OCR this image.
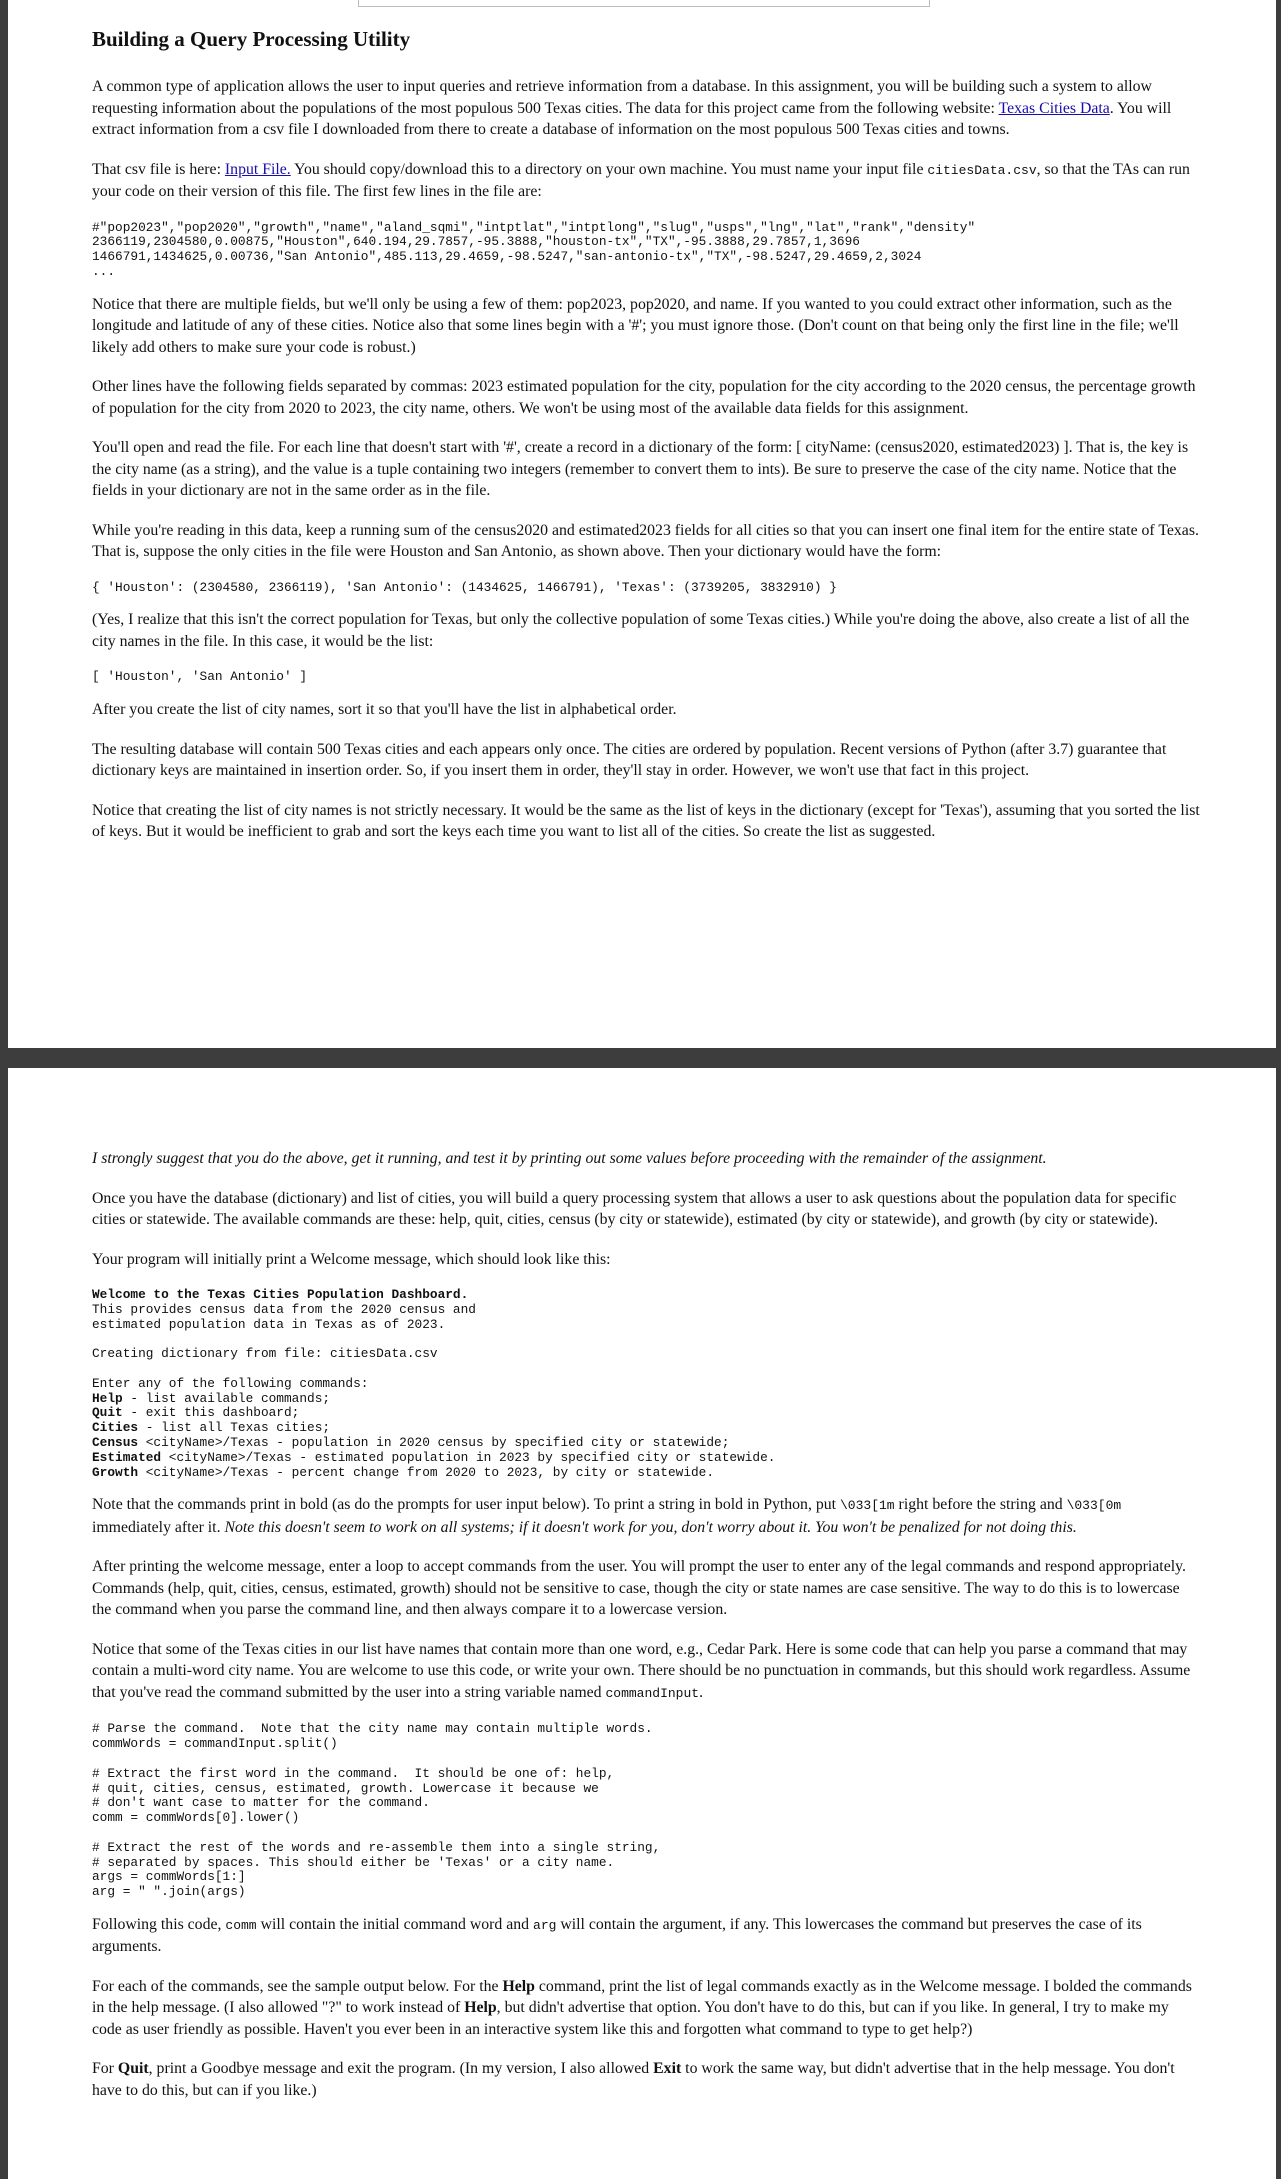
Building a Query Processing Utility

A common type of application allows the user to input queries and retrieve information from a database. In this assignment, you will be building such a system to allow requesting information about the populations of the most populous 500 Texas cities. The data for this project came from the following website: Texas Cities Data. You will extract information from a csv file I downloaded from there to create a database of information on the most populous 500 Texas cities and towns.

That csv file is here: Input File. You should copy/download this to a directory on your own machine. You must name your input file citiesData.csv, so that the TAs can run your code on their version of this file. The first few lines in the file are:

#"pop2023","pop2020","growth","name","aland_sqmi","intptlat","intptlong","slug","usps","lng","lat","rank","density"
2366119,2304580,0.00875,"Houston",640.194,29.7857,-95.3888,"houston-tx","TX",-95.3888,29.7857,1,3696
1466791,1434625,0.00736,"San Antonio",485.113,29.4659,-98.5247,"san-antonio-tx","TX",-98.5247,29.4659,2,3024
...

Notice that there are multiple fields, but we'll only be using a few of them: pop2023, pop2020, and name. If you wanted to you could extract other information, such as the longitude and latitude of any of these cities. Notice also that some lines begin with a '#'; you must ignore those. (Don't count on that being only the first line in the file; we'll likely add others to make sure your code is robust.)

Other lines have the following fields separated by commas: 2023 estimated population for the city, population for the city according to the 2020 census, the percentage growth of population for the city from 2020 to 2023, the city name, others. We won't be using most of the available data fields for this assignment.

You'll open and read the file. For each line that doesn't start with '#', create a record in a dictionary of the form: [ cityName: (census2020, estimated2023) ]. That is, the key is the city name (as a string), and the value is a tuple containing two integers (remember to convert them to ints). Be sure to preserve the case of the city name. Notice that the fields in your dictionary are not in the same order as in the file.

While you're reading in this data, keep a running sum of the census2020 and estimated2023 fields for all cities so that you can insert one final item for the entire state of Texas. That is, suppose the only cities in the file were Houston and San Antonio, as shown above. Then your dictionary would have the form:

{ 'Houston': (2304580, 2366119), 'San Antonio': (1434625, 1466791), 'Texas': (3739205, 3832910) }

(Yes, I realize that this isn't the correct population for Texas, but only the collective population of some Texas cities.) While you're doing the above, also create a list of all the city names in the file. In this case, it would be the list:

[ 'Houston', 'San Antonio' ]

After you create the list of city names, sort it so that you'll have the list in alphabetical order.

The resulting database will contain 500 Texas cities and each appears only once. The cities are ordered by population. Recent versions of Python (after 3.7) guarantee that dictionary keys are maintained in insertion order. So, if you insert them in order, they'll stay in order. However, we won't use that fact in this project.

Notice that creating the list of city names is not strictly necessary. It would be the same as the list of keys in the dictionary (except for 'Texas'), assuming that you sorted the list of keys. But it would be inefficient to grab and sort the keys each time you want to list all of the cities. So create the list as suggested.

I strongly suggest that you do the above, get it running, and test it by printing out some values before proceeding with the remainder of the assignment.

Once you have the database (dictionary) and list of cities, you will build a query processing system that allows a user to ask questions about the population data for specific cities or statewide. The available commands are these: help, quit, cities, census (by city or statewide), estimated (by city or statewide), and growth (by city or statewide).

Your program will initially print a Welcome message, which should look like this:

Welcome to the Texas Cities Population Dashboard.
This provides census data from the 2020 census and
estimated population data in Texas as of 2023.
Creating dictionary from file: citiesData.csv
Enter any of the following commands:
Help - list available commands;
Quit - exit this dashboard;
Cities - list all Texas cities;
Census <cityName>/Texas - population in 2020 census by specified city or statewide;
Estimated <cityName>/Texas - estimated population in 2023 by specified city or statewide.
Growth <cityName>/Texas - percent change from 2020 to 2023, by city or statewide.

Note that the commands print in bold (as do the prompts for user input below). To print a string in bold in Python, put \033[1m right before the string and \033[0m immediately after it. Note this doesn't seem to work on all systems; if it doesn't work for you, don't worry about it. You won't be penalized for not doing this.

After printing the welcome message, enter a loop to accept commands from the user. You will prompt the user to enter any of the legal commands and respond appropriately. Commands (help, quit, cities, census, estimated, growth) should not be sensitive to case, though the city or state names are case sensitive. The way to do this is to lowercase the command when you parse the command line, and then always compare it to a lowercase version.

Notice that some of the Texas cities in our list have names that contain more than one word, e.g., Cedar Park. Here is some code that can help you parse a command that may contain a multi-word city name. You are welcome to use this code, or write your own. There should be no punctuation in commands, but this should work regardless. Assume that you've read the command submitted by the user into a string variable named commandInput.

# Parse the command.  Note that the city name may contain multiple words.
commWords = commandInput.split()
# Extract the first word in the command.  It should be one of: help,
# quit, cities, census, estimated, growth. Lowercase it because we
# don't want case to matter for the command.
comm = commWords[0].lower()
# Extract the rest of the words and re-assemble them into a single string,
# separated by spaces. This should either be 'Texas' or a city name.
args = commWords[1:]
arg = " ".join(args)

Following this code, comm will contain the initial command word and arg will contain the argument, if any. This lowercases the command but preserves the case of its arguments.

For each of the commands, see the sample output below. For the Help command, print the list of legal commands exactly as in the Welcome message. I bolded the commands in the help message. (I also allowed "?" to work instead of Help, but didn't advertise that option. You don't have to do this, but can if you like. In general, I try to make my code as user friendly as possible. Haven't you ever been in an interactive system like this and forgotten what command to type to get help?)

For Quit, print a Goodbye message and exit the program. (In my version, I also allowed Exit to work the same way, but didn't advertise that in the help message. You don't have to do this, but can if you like.)
